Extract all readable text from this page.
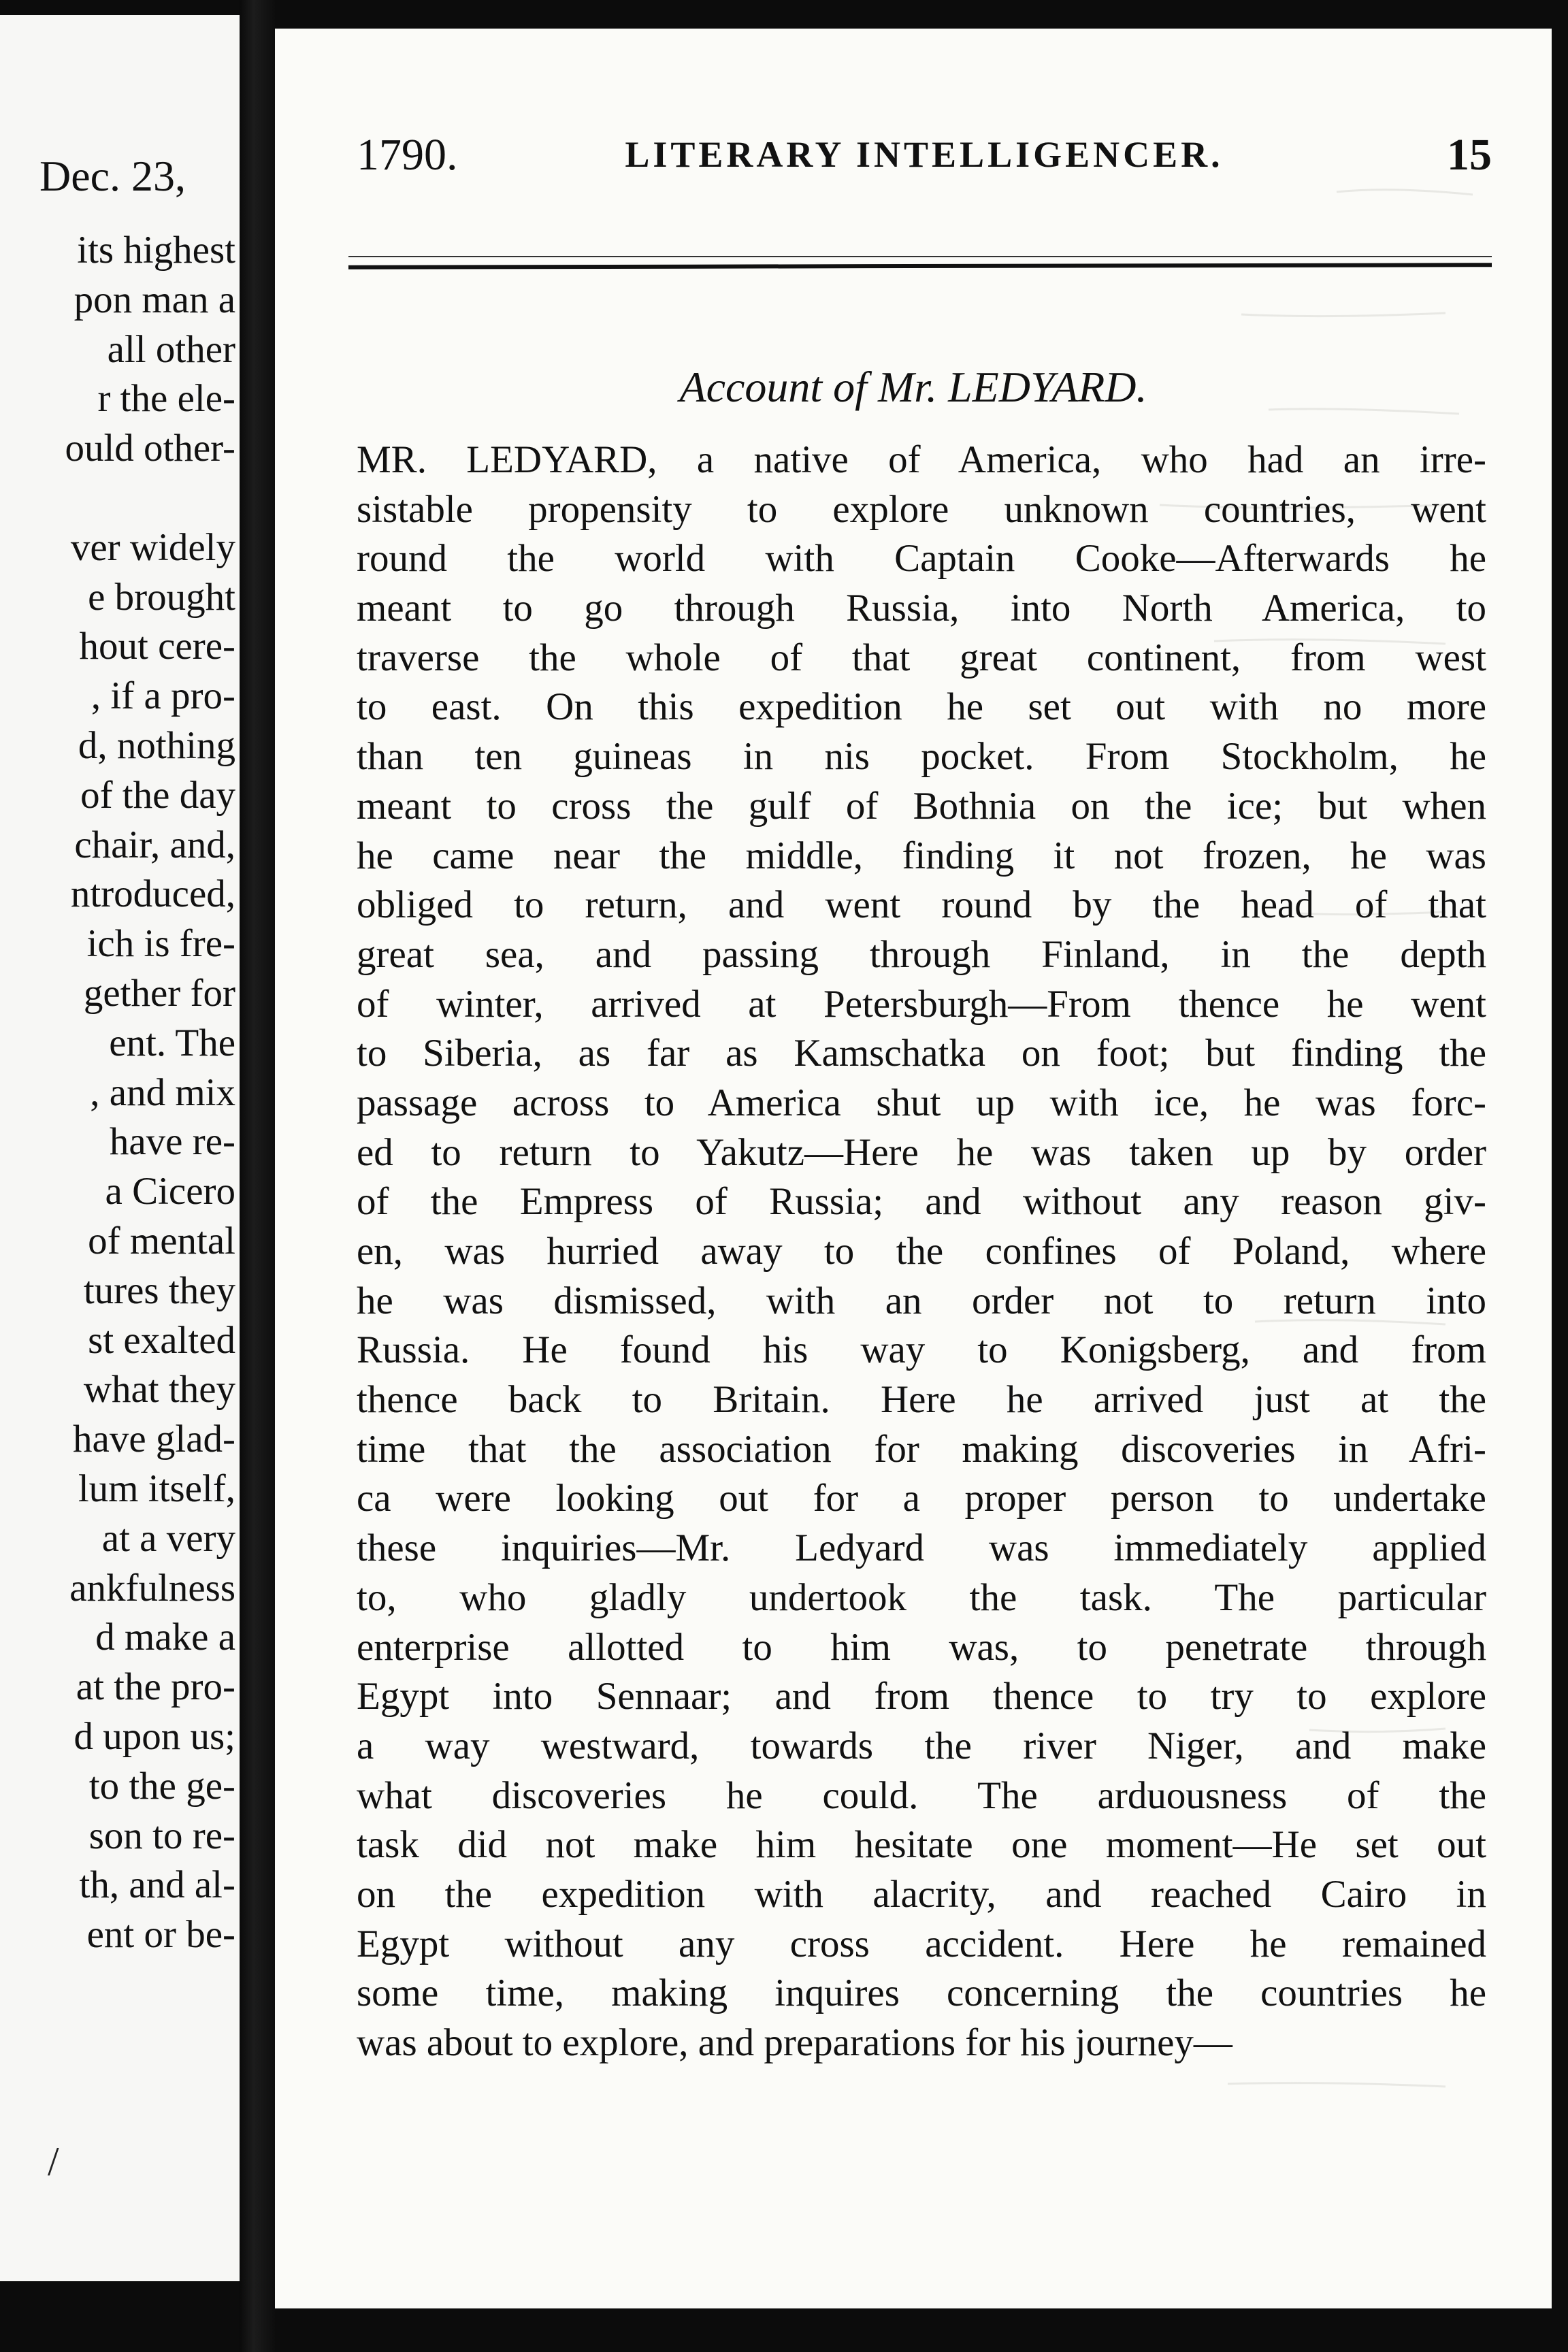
Dec. 23,
its highest
pon man a
all other
r the ele-
ould other-
ver widely
e brought
hout cere-
, if a pro-
d, nothing
of the day
chair, and,
ntroduced,
ich is fre-
gether for
ent. The
, and mix
have re-
a Cicero
of mental
tures they
st exalted
what they
have glad-
lum itself,
at a very
ankfulness
d make a
at the pro-
d upon us;
to the ge-
son to re-
th, and al-
ent or be-
/
1790.	LITERARY INTELLIGENCER.	15
Account of Mr. LEDYARD.
MR. LEDYARD, a native of America, who had an irre-
sistable propensity to explore unknown countries, went
round the world with Captain Cooke—Afterwards he
meant to go through Russia, into North America, to
traverse the whole of that great continent, from west
to east. On this expedition he set out with no more
than ten guineas in nis pocket. From Stockholm, he
meant to cross the gulf of Bothnia on the ice; but when
he came near the middle, finding it not frozen, he was
obliged to return, and went round by the head of that
great sea, and passing through Finland, in the depth
of winter, arrived at Petersburgh—From thence he went
to Siberia, as far as Kamschatka on foot; but finding the
passage across to America shut up with ice, he was forc-
ed to return to Yakutz—Here he was taken up by order
of the Empress of Russia; and without any reason giv-
en, was hurried away to the confines of Poland, where
he was dismissed, with an order not to return into
Russia. He found his way to Konigsberg, and from
thence back to Britain. Here he arrived just at the
time that the association for making discoveries in Afri-
ca were looking out for a proper person to undertake
these inquiries—Mr. Ledyard was immediately applied
to, who gladly undertook the task. The particular
enterprise allotted to him was, to penetrate through
Egypt into Sennaar; and from thence to try to explore
a way westward, towards the river Niger, and make
what discoveries he could. The arduousness of the
task did not make him hesitate one moment—He set out
on the expedition with alacrity, and reached Cairo in
Egypt without any cross accident. Here he remained
some time, making inquires concerning the countries he
was about to explore, and preparations for his journey—
